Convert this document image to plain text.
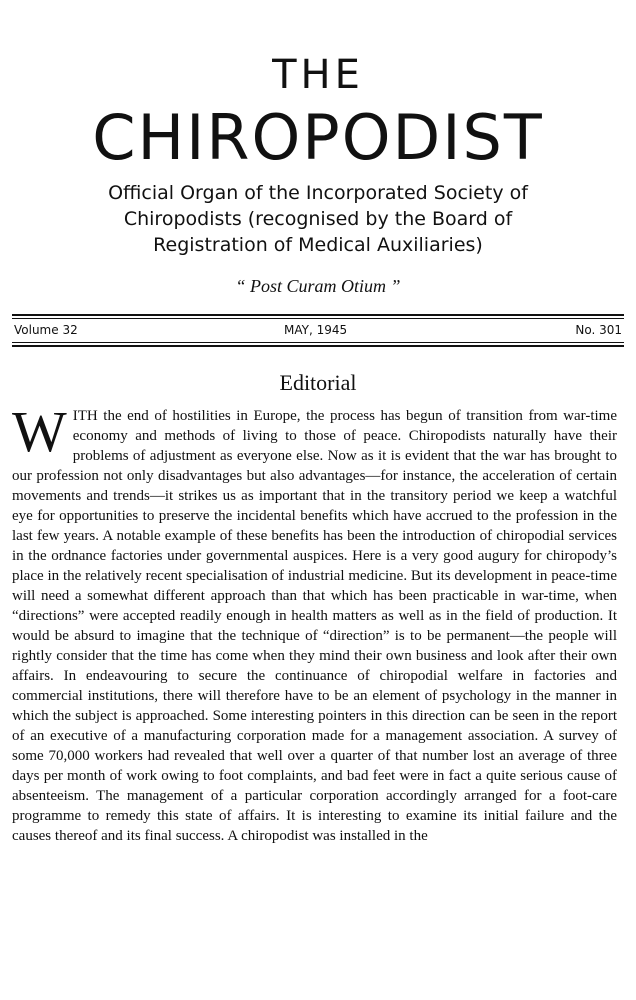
THE
CHIROPODIST
Official Organ of the Incorporated Society of Chiropodists (recognised by the Board of Registration of Medical Auxiliaries)
“ Post Curam Otium ”
Volume 32	MAY, 1945	No. 301
Editorial
WITH the end of hostilities in Europe, the process has begun of transition from war-time economy and methods of living to those of peace. Chiropodists naturally have their problems of adjustment as everyone else. Now as it is evident that the war has brought to our profession not only disadvantages but also advantages—for instance, the acceleration of certain movements and trends—it strikes us as important that in the transitory period we keep a watchful eye for opportunities to preserve the incidental benefits which have accrued to the profession in the last few years. A notable example of these benefits has been the introduction of chiropodial services in the ordnance factories under governmental auspices. Here is a very good augury for chiropody’s place in the relatively recent specialisation of industrial medicine. But its development in peace-time will need a somewhat different approach than that which has been practicable in war-time, when “directions” were accepted readily enough in health matters as well as in the field of production. It would be absurd to imagine that the technique of “direction” is to be permanent—the people will rightly consider that the time has come when they mind their own business and look after their own affairs. In endeavouring to secure the continuance of chiropodial welfare in factories and commercial institutions, there will therefore have to be an element of psychology in the manner in which the subject is approached. Some interesting pointers in this direction can be seen in the report of an executive of a manufacturing corporation made for a management association. A survey of some 70,000 workers had revealed that well over a quarter of that number lost an average of three days per month of work owing to foot complaints, and bad feet were in fact a quite serious cause of absenteeism. The management of a particular corporation accordingly arranged for a foot-care programme to remedy this state of affairs. It is interesting to examine its initial failure and the causes thereof and its final success. A chiropodist was installed in the
